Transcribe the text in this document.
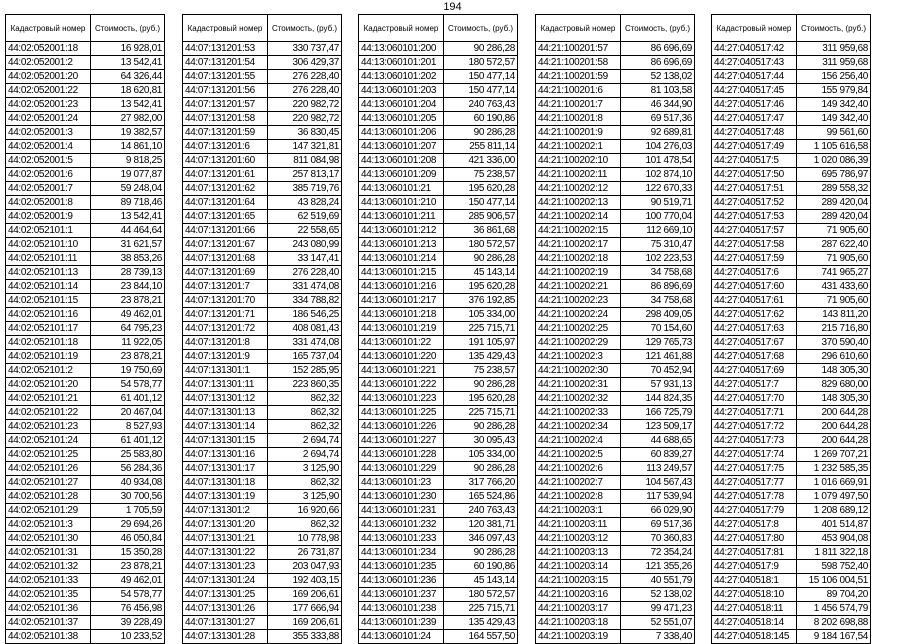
194
Кадастровый номер	Стоимость, (руб.)
44:02:052001:18	16 928,01
44:02:052001:2	13 542,41
44:02:052001:20	64 326,44
44:02:052001:22	18 620,81
44:02:052001:23	13 542,41
44:02:052001:24	27 982,00
44:02:052001:3	19 382,57
44:02:052001:4	14 861,10
44:02:052001:5	9 818,25
44:02:052001:6	19 077,87
44:02:052001:7	59 248,04
44:02:052001:8	89 718,46
44:02:052001:9	13 542,41
44:02:052101:1	44 464,64
44:02:052101:10	31 621,57
44:02:052101:11	38 853,26
44:02:052101:13	28 739,13
44:02:052101:14	23 844,10
44:02:052101:15	23 878,21
44:02:052101:16	49 462,01
44:02:052101:17	64 795,23
44:02:052101:18	11 922,05
44:02:052101:19	23 878,21
44:02:052101:2	19 750,69
44:02:052101:20	54 578,77
44:02:052101:21	61 401,12
44:02:052101:22	20 467,04
44:02:052101:23	8 527,93
44:02:052101:24	61 401,12
44:02:052101:25	25 583,80
44:02:052101:26	56 284,36
44:02:052101:27	40 934,08
44:02:052101:28	30 700,56
44:02:052101:29	1 705,59
44:02:052101:3	29 694,26
44:02:052101:30	46 050,84
44:02:052101:31	15 350,28
44:02:052101:32	23 878,21
44:02:052101:33	49 462,01
44:02:052101:35	54 578,77
44:02:052101:36	76 456,98
44:02:052101:37	39 228,49
44:02:052101:38	10 233,52
Кадастровый номер	Стоимость, (руб.)
44:07:131201:53	330 737,47
44:07:131201:54	306 429,37
44:07:131201:55	276 228,40
44:07:131201:56	276 228,40
44:07:131201:57	220 982,72
44:07:131201:58	220 982,72
44:07:131201:59	36 830,45
44:07:131201:6	147 321,81
44:07:131201:60	811 084,98
44:07:131201:61	257 813,17
44:07:131201:62	385 719,76
44:07:131201:64	43 828,24
44:07:131201:65	62 519,69
44:07:131201:66	22 558,65
44:07:131201:67	243 080,99
44:07:131201:68	33 147,41
44:07:131201:69	276 228,40
44:07:131201:7	331 474,08
44:07:131201:70	334 788,82
44:07:131201:71	186 546,25
44:07:131201:72	408 081,43
44:07:131201:8	331 474,08
44:07:131201:9	165 737,04
44:07:131301:1	152 285,95
44:07:131301:11	223 860,35
44:07:131301:12	862,32
44:07:131301:13	862,32
44:07:131301:14	862,32
44:07:131301:15	2 694,74
44:07:131301:16	2 694,74
44:07:131301:17	3 125,90
44:07:131301:18	862,32
44:07:131301:19	3 125,90
44:07:131301:2	16 920,66
44:07:131301:20	862,32
44:07:131301:21	10 778,98
44:07:131301:22	26 731,87
44:07:131301:23	203 047,93
44:07:131301:24	192 403,15
44:07:131301:25	169 206,61
44:07:131301:26	177 666,94
44:07:131301:27	169 206,61
44:07:131301:28	355 333,88
Кадастровый номер	Стоимость, (руб.)
44:13:060101:200	90 286,28
44:13:060101:201	180 572,57
44:13:060101:202	150 477,14
44:13:060101:203	150 477,14
44:13:060101:204	240 763,43
44:13:060101:205	60 190,86
44:13:060101:206	90 286,28
44:13:060101:207	255 811,14
44:13:060101:208	421 336,00
44:13:060101:209	75 238,57
44:13:060101:21	195 620,28
44:13:060101:210	150 477,14
44:13:060101:211	285 906,57
44:13:060101:212	36 861,68
44:13:060101:213	180 572,57
44:13:060101:214	90 286,28
44:13:060101:215	45 143,14
44:13:060101:216	195 620,28
44:13:060101:217	376 192,85
44:13:060101:218	105 334,00
44:13:060101:219	225 715,71
44:13:060101:22	191 105,97
44:13:060101:220	135 429,43
44:13:060101:221	75 238,57
44:13:060101:222	90 286,28
44:13:060101:223	195 620,28
44:13:060101:225	225 715,71
44:13:060101:226	90 286,28
44:13:060101:227	30 095,43
44:13:060101:228	105 334,00
44:13:060101:229	90 286,28
44:13:060101:23	317 766,20
44:13:060101:230	165 524,86
44:13:060101:231	240 763,43
44:13:060101:232	120 381,71
44:13:060101:233	346 097,43
44:13:060101:234	90 286,28
44:13:060101:235	60 190,86
44:13:060101:236	45 143,14
44:13:060101:237	180 572,57
44:13:060101:238	225 715,71
44:13:060101:239	135 429,43
44:13:060101:24	164 557,50
Кадастровый номер	Стоимость, (руб.)
44:21:100201:57	86 696,69
44:21:100201:58	86 696,69
44:21:100201:59	52 138,02
44:21:100201:6	81 103,58
44:21:100201:7	46 344,90
44:21:100201:8	69 517,36
44:21:100201:9	92 689,81
44:21:100202:1	104 276,03
44:21:100202:10	101 478,54
44:21:100202:11	102 874,10
44:21:100202:12	122 670,33
44:21:100202:13	90 519,71
44:21:100202:14	100 770,04
44:21:100202:15	112 669,10
44:21:100202:17	75 310,47
44:21:100202:18	102 223,53
44:21:100202:19	34 758,68
44:21:100202:21	86 896,69
44:21:100202:23	34 758,68
44:21:100202:24	298 409,05
44:21:100202:25	70 154,60
44:21:100202:29	129 765,73
44:21:100202:3	121 461,88
44:21:100202:30	70 452,94
44:21:100202:31	57 931,13
44:21:100202:32	144 824,35
44:21:100202:33	166 725,79
44:21:100202:34	123 509,17
44:21:100202:4	44 688,65
44:21:100202:5	60 839,27
44:21:100202:6	113 249,57
44:21:100202:7	104 567,43
44:21:100202:8	117 539,94
44:21:100203:1	66 029,90
44:21:100203:11	69 517,36
44:21:100203:12	70 360,83
44:21:100203:13	72 354,24
44:21:100203:14	121 355,26
44:21:100203:15	40 551,79
44:21:100203:16	52 138,02
44:21:100203:17	99 471,23
44:21:100203:18	52 551,07
44:21:100203:19	7 338,40
Кадастровый номер	Стоимость, (руб.)
44:27:040517:42	311 959,68
44:27:040517:43	311 959,68
44:27:040517:44	156 256,40
44:27:040517:45	155 979,84
44:27:040517:46	149 342,40
44:27:040517:47	149 342,40
44:27:040517:48	99 561,60
44:27:040517:49	1 105 616,58
44:27:040517:5	1 020 086,39
44:27:040517:50	695 786,97
44:27:040517:51	289 558,32
44:27:040517:52	289 420,04
44:27:040517:53	289 420,04
44:27:040517:57	71 905,60
44:27:040517:58	287 622,40
44:27:040517:59	71 905,60
44:27:040517:6	741 965,27
44:27:040517:60	431 433,60
44:27:040517:61	71 905,60
44:27:040517:62	143 811,20
44:27:040517:63	215 716,80
44:27:040517:67	370 590,40
44:27:040517:68	296 610,60
44:27:040517:69	148 305,30
44:27:040517:7	829 680,00
44:27:040517:70	148 305,30
44:27:040517:71	200 644,28
44:27:040517:72	200 644,28
44:27:040517:73	200 644,28
44:27:040517:74	1 269 707,21
44:27:040517:75	1 232 585,35
44:27:040517:77	1 016 669,91
44:27:040517:78	1 079 497,50
44:27:040517:79	1 208 689,12
44:27:040517:8	401 514,87
44:27:040517:80	453 904,08
44:27:040517:81	1 811 322,18
44:27:040517:9	598 752,40
44:27:040518:1	15 106 004,51
44:27:040518:10	89 704,20
44:27:040518:11	1 456 574,79
44:27:040518:14	8 202 698,88
44:27:040518:145	9 184 167,54
